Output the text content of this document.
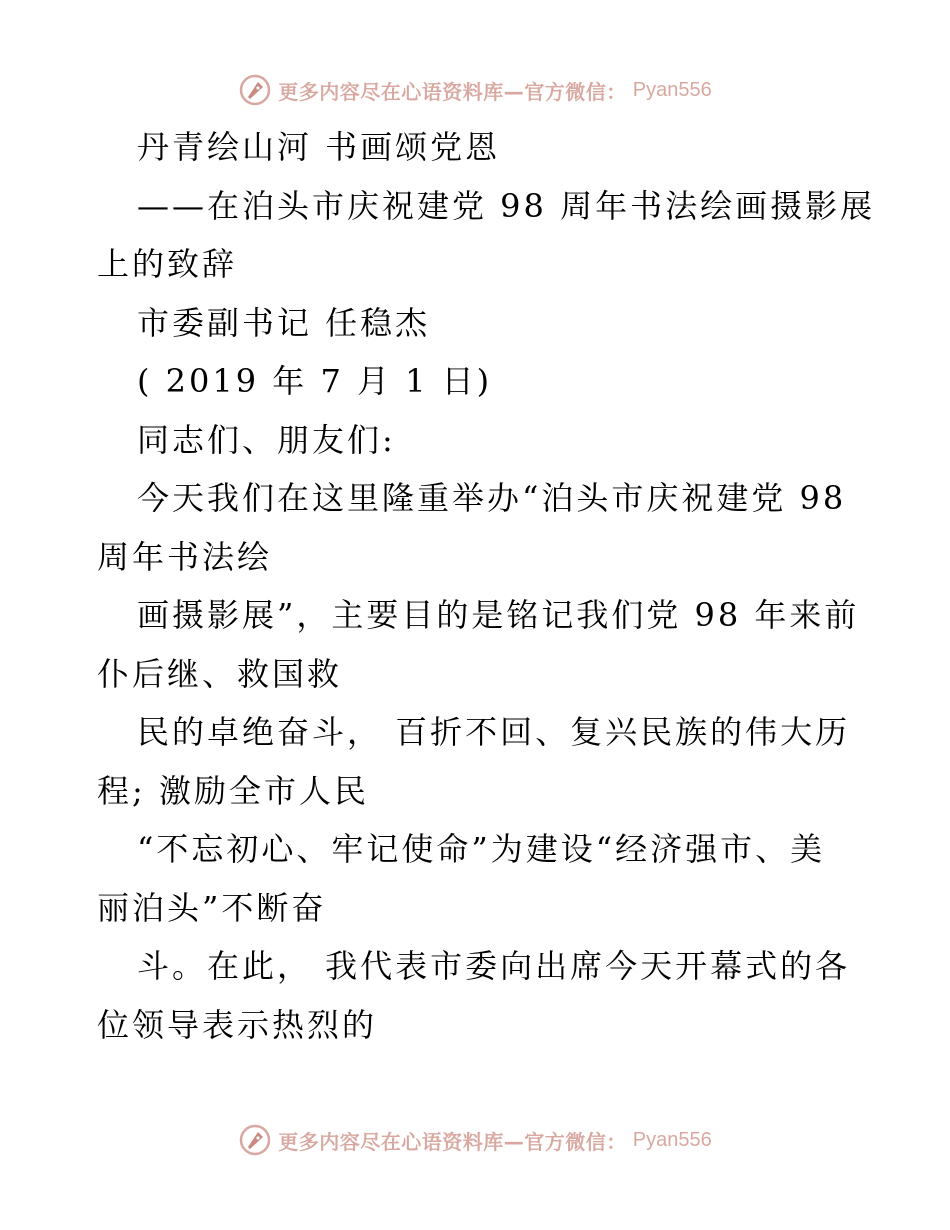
更多内容尽在心语资料库—官方微信： Pyan556
丹青绘山河 书画颂党恩
——在泊头市庆祝建党 98 周年书法绘画摄影展
上的致辞
市委副书记 任稳杰
( 2019 年 7 月 1 日)
同志们、朋友们:
今天我们在这里隆重举办“泊头市庆祝建党 98
周年书法绘
画摄影展”，主要目的是铭记我们党 98 年来前
仆后继、救国救
民的卓绝奋斗， 百折不回、复兴民族的伟大历
程; 激励全市人民
“不忘初心、牢记使命”为建设“经济强市、美
丽泊头”不断奋
斗。在此， 我代表市委向出席今天开幕式的各
位领导表示热烈的
更多内容尽在心语资料库—官方微信： Pyan556
